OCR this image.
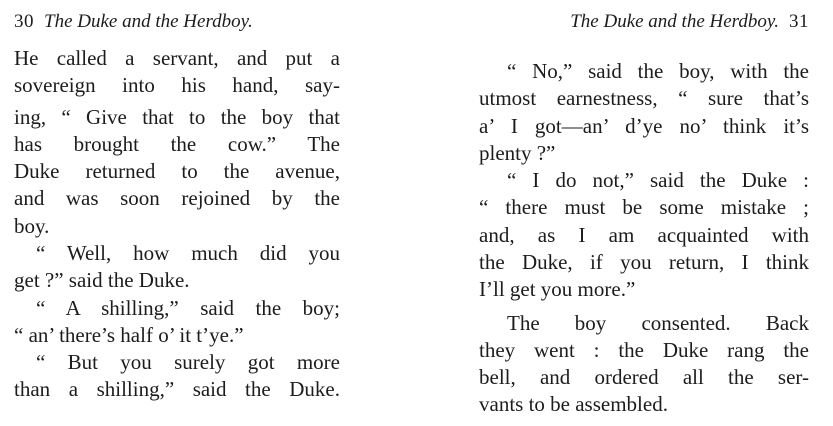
30 The Duke and the Herdboy.
He called a servant, and put a
sovereign into his hand, say-
ing, “ Give that to the boy that
has brought the cow.” The
Duke returned to the avenue,
and was soon rejoined by the
boy.
“ Well, how much did you
get ?” said the Duke.
“ A shilling,” said the boy;
“ an’ there’s half o’ it t’ye.”
“ But you surely got more
than a shilling,” said the Duke.
The Duke and the Herdboy. 31
“ No,” said the boy, with the
utmost earnestness, “ sure that’s
a’ I got—an’ d’ye no’ think it’s
plenty ?”
“ I do not,” said the Duke :
“ there must be some mistake ;
and, as I am acquainted with
the Duke, if you return, I think
I’ll get you more.”
The boy consented. Back
they went : the Duke rang the
bell, and ordered all the ser-
vants to be assembled.
